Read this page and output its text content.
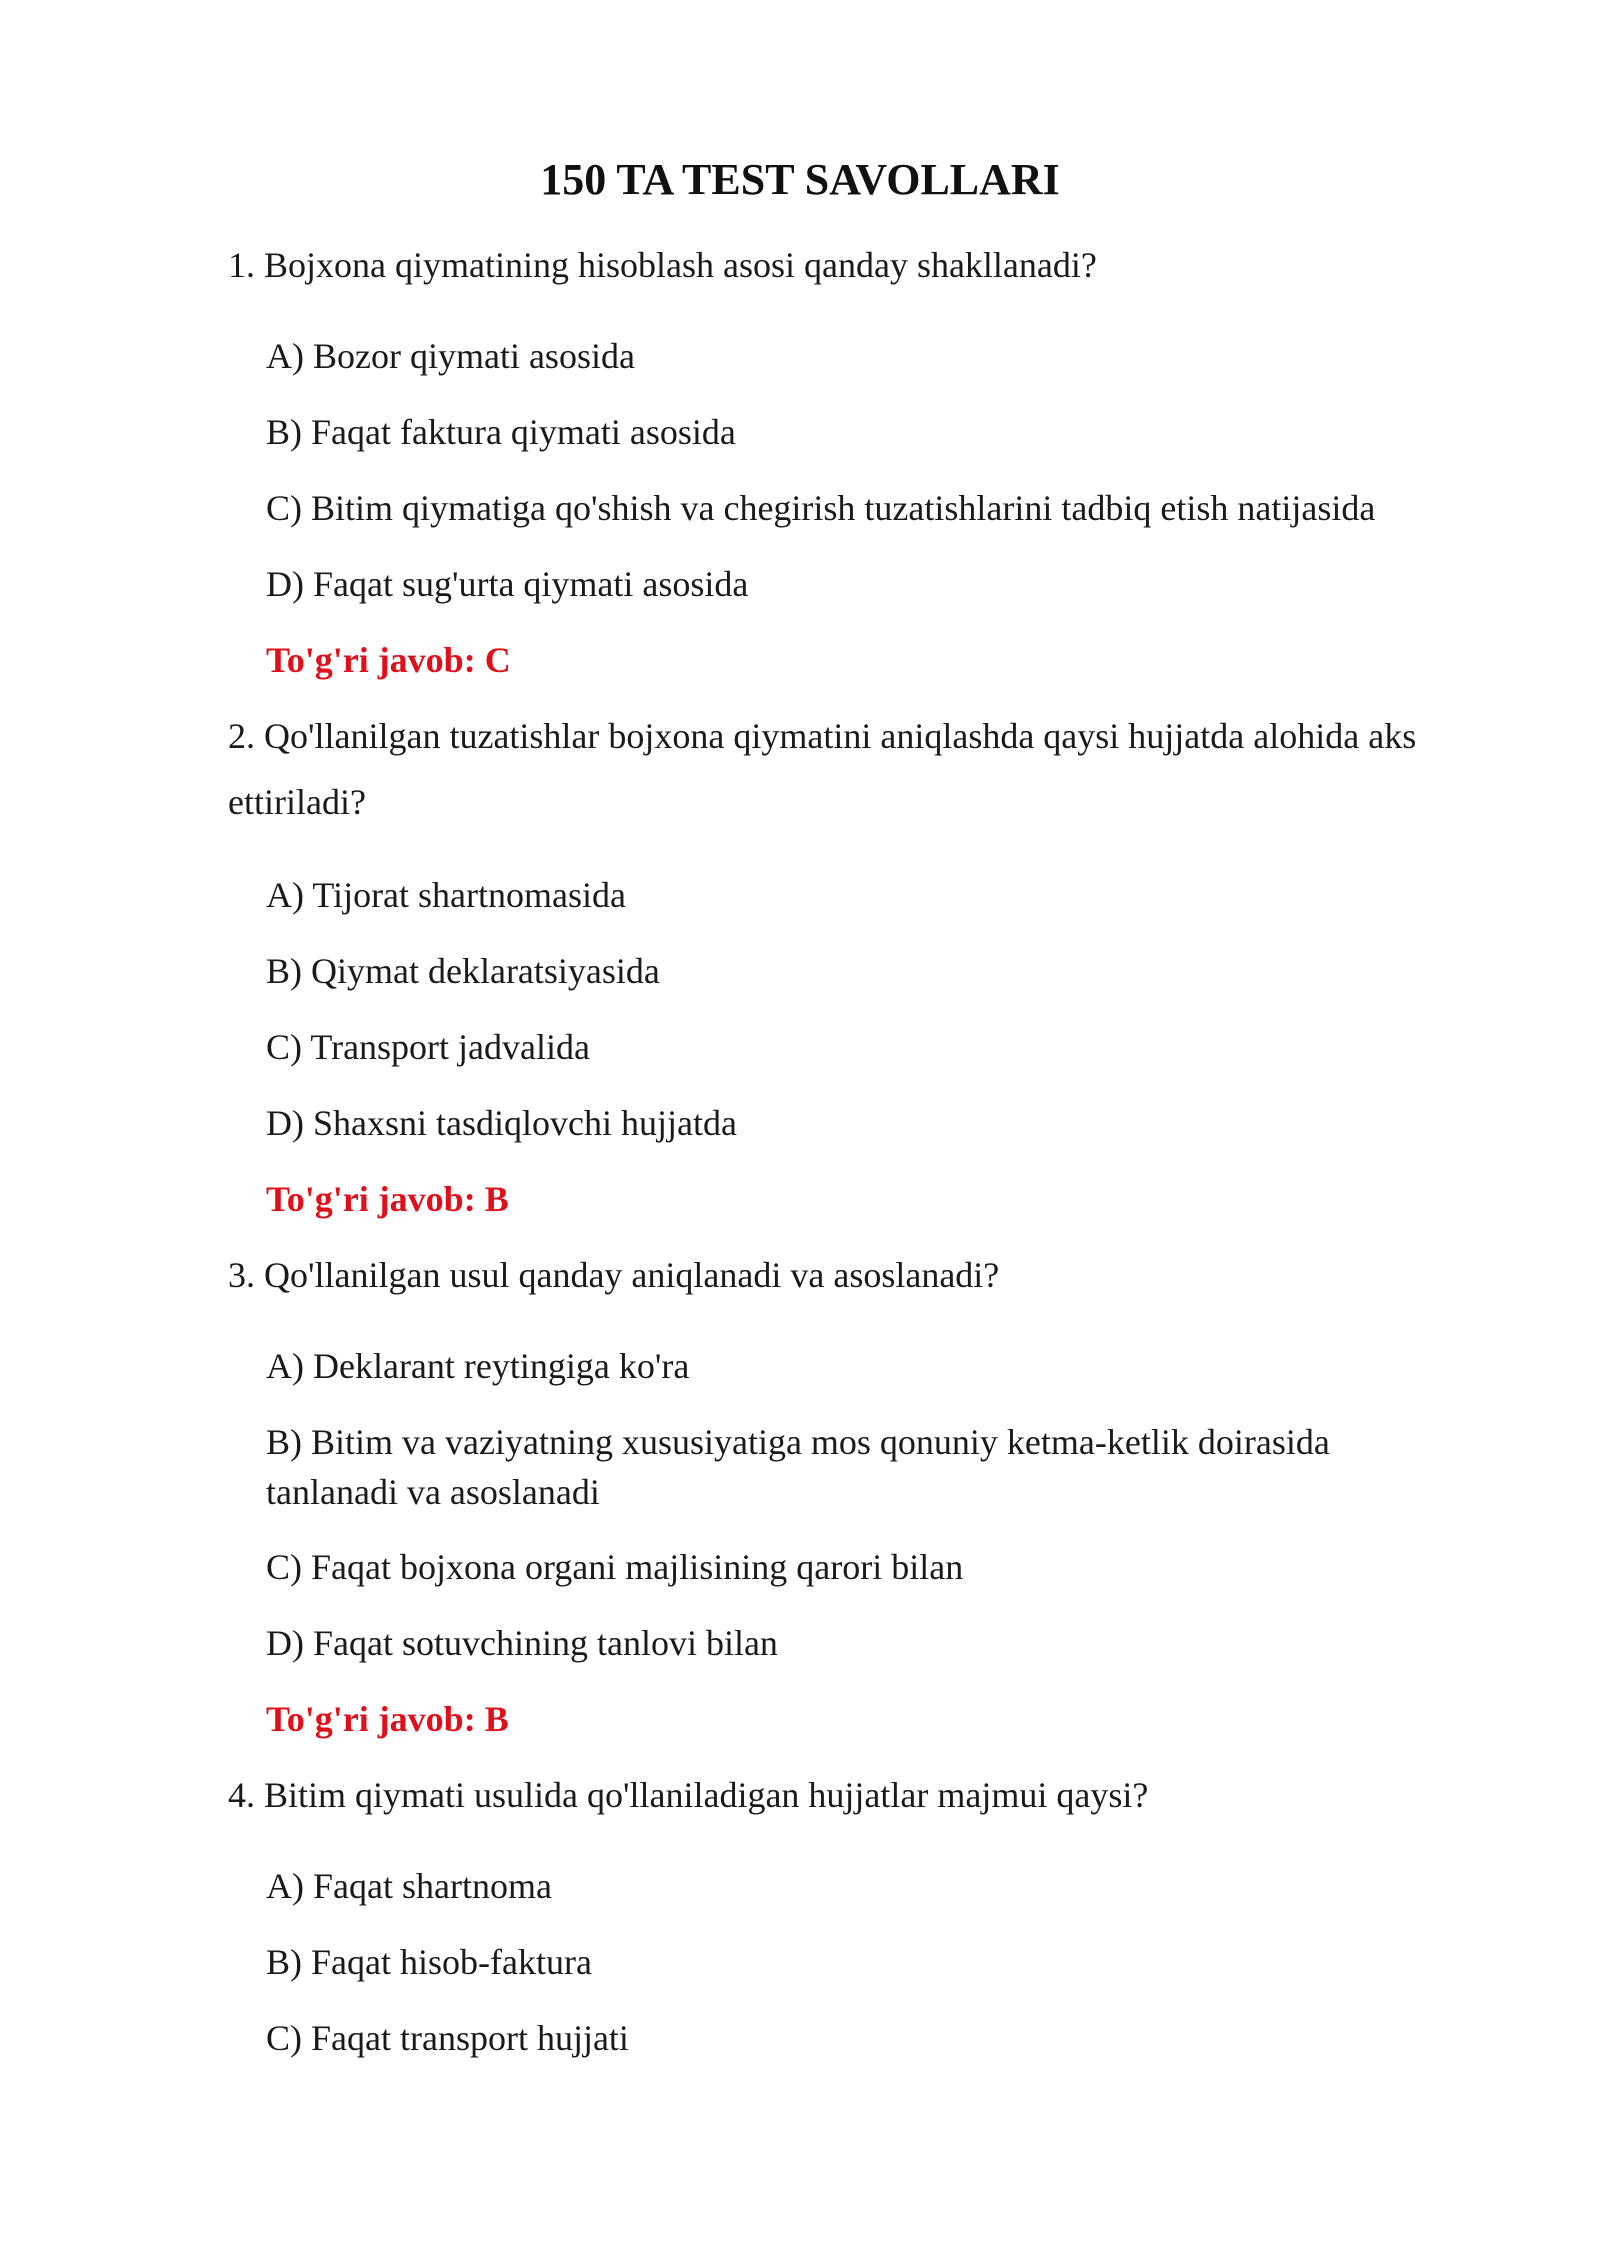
150 TA TEST SAVOLLARI
1. Bojxona qiymatining hisoblash asosi qanday shakllanadi?
A) Bozor qiymati asosida
B) Faqat faktura qiymati asosida
C) Bitim qiymatiga qo'shish va chegirish tuzatishlarini tadbiq etish natijasida
D) Faqat sug'urta qiymati asosida
To'g'ri javob: C
2. Qo'llanilgan tuzatishlar bojxona qiymatini aniqlashda qaysi hujjatda alohida aks ettiriladi?
A) Tijorat shartnomasida
B) Qiymat deklaratsiyasida
C) Transport jadvalida
D) Shaxsni tasdiqlovchi hujjatda
To'g'ri javob: B
3. Qo'llanilgan usul qanday aniqlanadi va asoslanadi?
A) Deklarant reytingiga ko'ra
B) Bitim va vaziyatning xususiyatiga mos qonuniy ketma-ketlik doirasida tanlanadi va asoslanadi
C) Faqat bojxona organi majlisining qarori bilan
D) Faqat sotuvchining tanlovi bilan
To'g'ri javob: B
4. Bitim qiymati usulida qo'llaniladigan hujjatlar majmui qaysi?
A) Faqat shartnoma
B) Faqat hisob-faktura
C) Faqat transport hujjati
